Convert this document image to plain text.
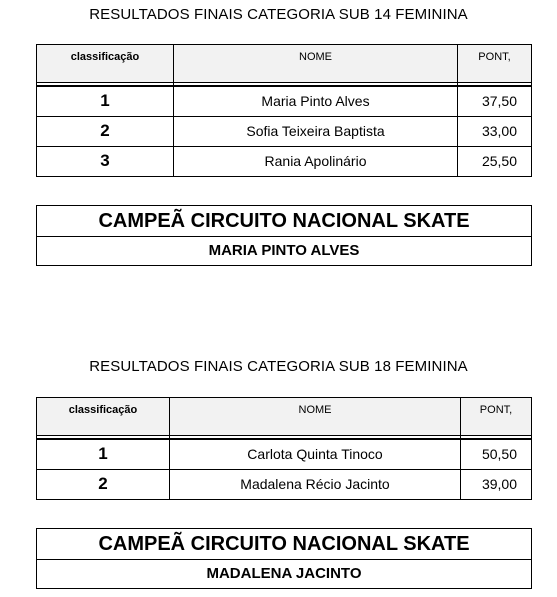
RESULTADOS FINAIS CATEGORIA SUB 14 FEMININA
classificação	NOME	PONT,

1	Maria Pinto Alves	37,50
2	Sofia Teixeira Baptista	33,00
3	Rania Apolinário	25,50
CAMPEÃ CIRCUITO NACIONAL SKATE
MARIA PINTO ALVES
RESULTADOS FINAIS CATEGORIA SUB 18 FEMININA
classificação	NOME	PONT,

1	Carlota Quinta Tinoco	50,50
2	Madalena Récio Jacinto	39,00
CAMPEÃ CIRCUITO NACIONAL SKATE
MADALENA JACINTO
